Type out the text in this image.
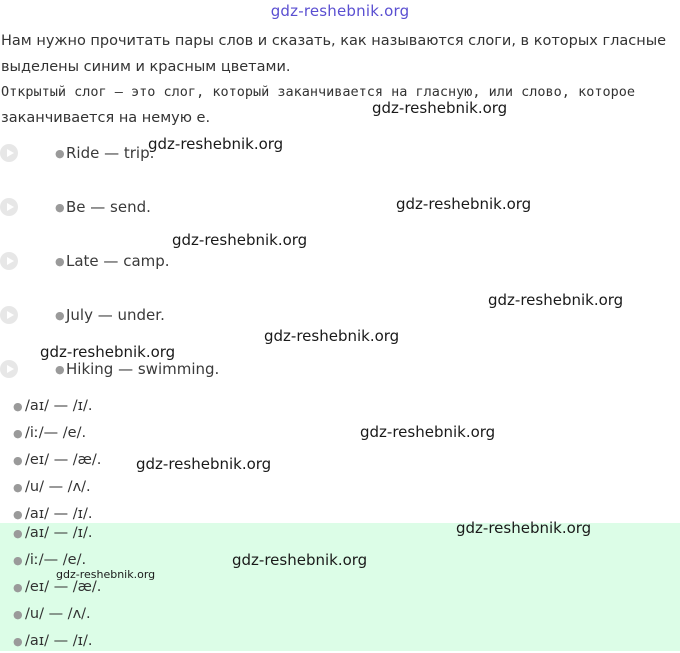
gdz-reshebnik.org

Нам нужно прочитать пары слов и сказать, как называются слоги, в которых гласные

выделены синим и красным цветами.

Открытый слог — это слог, который заканчивается на гласную, или слово, которое

заканчивается на немую е.

● Ride — trip.
● Be — send.
● Late — camp.
● July — under.
● Hiking — swimming.
● /aɪ/ — /ɪ/.
● /iː/— /e/.
● /eɪ/ — /æ/.
● /u/ — /ʌ/.
● /aɪ/ — /ɪ/.
● /aɪ/ — /ɪ/.
● /iː/— /e/.
● /eɪ/ — /æ/.
● /u/ — /ʌ/.
● /aɪ/ — /ɪ/.
gdz-reshebnik.org
gdz-reshebnik.org
gdz-reshebnik.org
gdz-reshebnik.org
gdz-reshebnik.org
gdz-reshebnik.org
gdz-reshebnik.org
gdz-reshebnik.org
gdz-reshebnik.org
gdz-reshebnik.org
gdz-reshebnik.org
gdz-reshebnik.org
